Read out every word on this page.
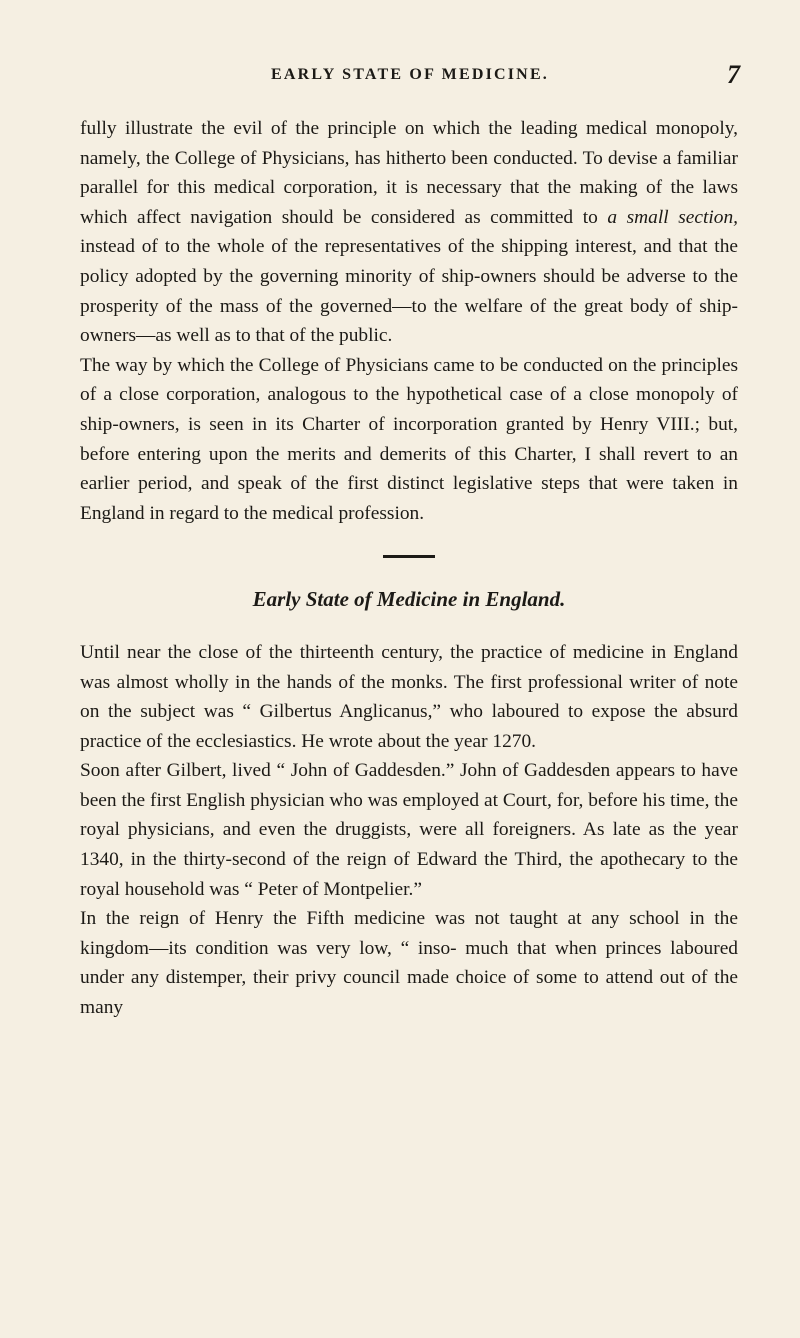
EARLY STATE OF MEDICINE.	7

fully illustrate the evil of the principle on which the leading medical monopoly, namely, the College of Physicians, has hitherto been conducted. To devise a familiar parallel for this medical corporation, it is necessary that the making of the laws which affect navigation should be considered as committed to a small section, instead of to the whole of the representatives of the shipping interest, and that the policy adopted by the governing minority of ship-owners should be adverse to the prosperity of the mass of the governed—to the welfare of the great body of ship-owners—as well as to that of the public.

The way by which the College of Physicians came to be conducted on the principles of a close corporation, analogous to the hypothetical case of a close monopoly of ship-owners, is seen in its Charter of incorporation granted by Henry VIII.; but, before entering upon the merits and demerits of this Charter, I shall revert to an earlier period, and speak of the first distinct legislative steps that were taken in England in regard to the medical profession.

Early State of Medicine in England.

Until near the close of the thirteenth century, the practice of medicine in England was almost wholly in the hands of the monks. The first professional writer of note on the subject was “ Gilbertus Anglicanus,” who laboured to expose the absurd practice of the ecclesiastics. He wrote about the year 1270.

Soon after Gilbert, lived “ John of Gaddesden.” John of Gaddesden appears to have been the first English physician who was employed at Court, for, before his time, the royal physicians, and even the druggists, were all foreigners. As late as the year 1340, in the thirty-second of the reign of Edward the Third, the apothecary to the royal household was “ Peter of Montpelier.”

In the reign of Henry the Fifth medicine was not taught at any school in the kingdom—its condition was very low, “ inso- much that when princes laboured under any distemper, their privy council made choice of some to attend out of the many
